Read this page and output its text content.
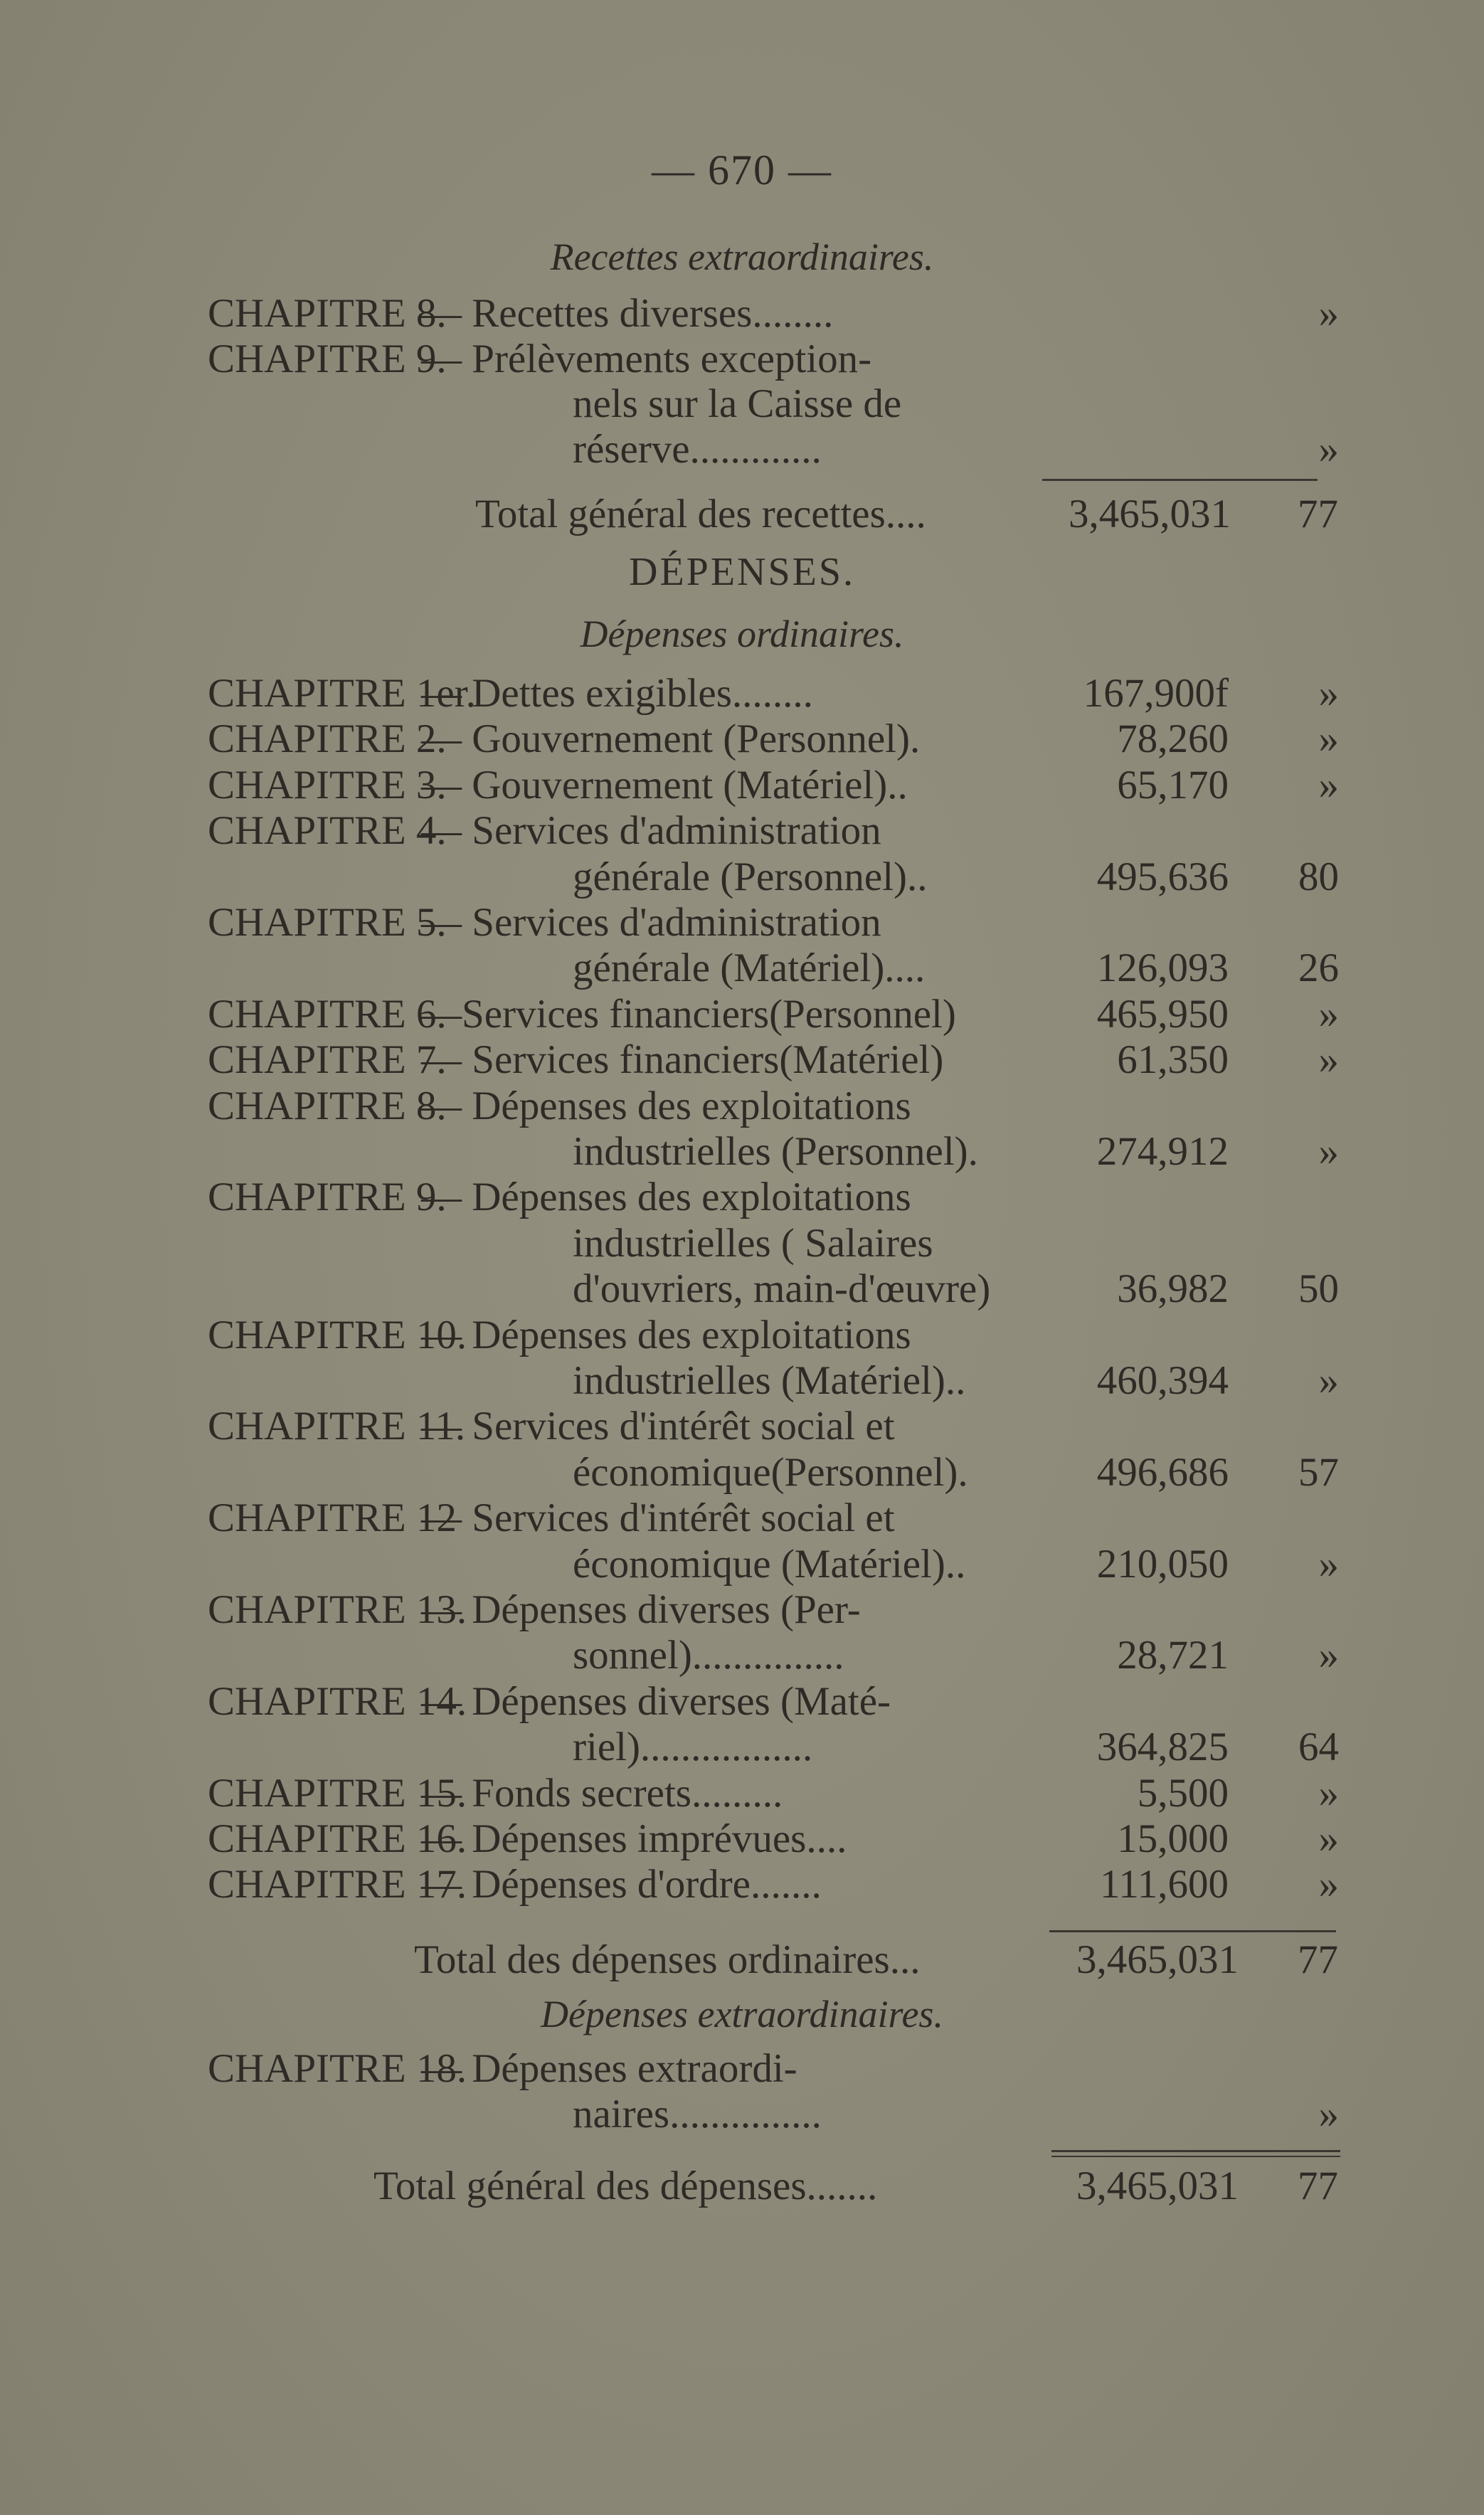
— 670 —
Recettes extraordinaires.
CHAPITRE 8.
— Recettes diverses........	»
CHAPITRE 9.
— Prélèvements exception-
nels sur la Caisse de
réserve.............	»
Total général des recettes....	3,465,031 77
DÉPENSES.
Dépenses ordinaires.
CHAPITRE 1er.
— Dettes exigibles........	167,900f	»
CHAPITRE 2.
— Gouvernement (Personnel).	78,260	»
CHAPITRE 3.
— Gouvernement (Matériel)..	65,170	»
CHAPITRE 4.
— Services d'administration
générale (Personnel)..	495,636 80
CHAPITRE 5.
— Services d'administration
générale (Matériel)....	126,093 26
CHAPITRE 6.
—Services financiers(Personnel)	465,950	»
CHAPITRE 7.
— Services financiers(Matériel)	61,350	»
CHAPITRE 8.
— Dépenses des exploitations
industrielles (Personnel).	274,912	»
CHAPITRE 9.
— Dépenses des exploitations
industrielles ( Salaires
d'ouvriers, main-d'œuvre)	36,982 50
CHAPITRE 10.
— Dépenses des exploitations
industrielles (Matériel)..	460,394	»
CHAPITRE 11.
— Services d'intérêt social et
économique(Personnel).	496,686 57
CHAPITRE 12
— Services d'intérêt social et
économique (Matériel)..	210,050	»
CHAPITRE 13.
— Dépenses diverses (Per-
sonnel)...............	28,721	»
CHAPITRE 14.
— Dépenses diverses (Maté-
riel).................	364,825 64
CHAPITRE 15.
— Fonds secrets.........	5,500	»
CHAPITRE 16.
— Dépenses imprévues....	15,000	»
CHAPITRE 17.
— Dépenses d'ordre.......	111,600	»
Total des dépenses ordinaires...	3,465,031 77
Dépenses extraordinaires.
CHAPITRE 18.
— Dépenses extraordi-
naires...............	»
Total général des dépenses.......	3,465,031 77
